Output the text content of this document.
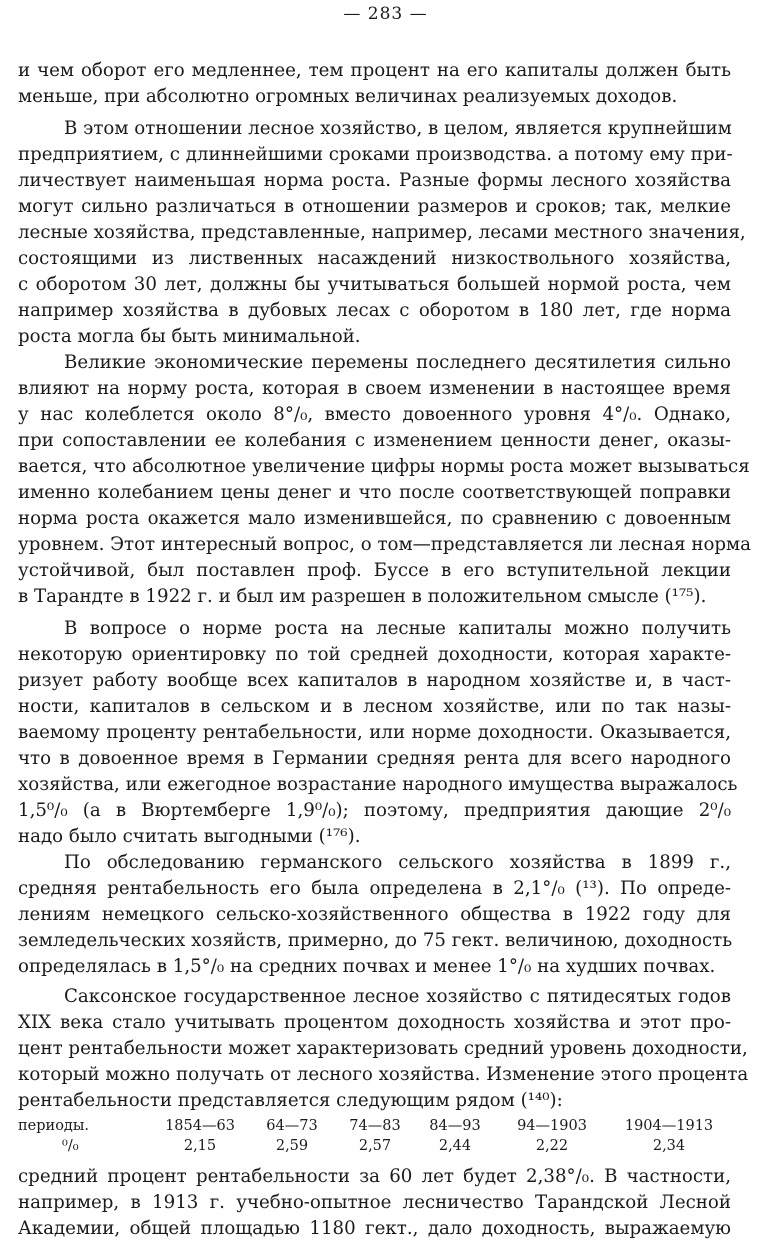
— 283 —
и чем оборот его медленнее, тем процент на его капиталы должен быть
меньше, при абсолютно огромных величинах реализуемых доходов.
В этом отношении лесное хозяйство, в целом, является крупнейшим
предприятием, с длиннейшими сроками производства. а потому ему при-
личествует наименьшая норма роста. Разные формы лесного хозяйства
могут сильно различаться в отношении размеров и сроков; так, мелкие
лесные хозяйства, представленные, например, лесами местного значения,
состоящими из лиственных насаждений низкоствольного хозяйства,
с оборотом 30 лет, должны бы учитываться большей нормой роста, чем
например хозяйства в дубовых лесах с оборотом в 180 лет, где норма
роста могла бы быть минимальной.
Великие экономические перемены последнего десятилетия сильно
влияют на норму роста, которая в своем изменении в настоящее время
у нас колеблется около 8°/₀, вместо довоенного уровня 4°/₀. Однако,
при сопоставлении ее колебания с изменением ценности денег, оказы-
вается, что абсолютное увеличение цифры нормы роста может вызываться
именно колебанием цены денег и что после соответствующей поправки
норма роста окажется мало изменившейся, по сравнению с довоенным
уровнем. Этот интересный вопрос, о том—представляется ли лесная норма
устойчивой, был поставлен проф. Буссе в его вступительной лекции
в Тарандте в 1922 г. и был им разрешен в положительном смысле (¹⁷⁵).
В вопросе о норме роста на лесные капиталы можно получить
некоторую ориентировку по той средней доходности, которая характе-
ризует работу вообще всех капиталов в народном хозяйстве и, в част-
ности, капиталов в сельском и в лесном хозяйстве, или по так назы-
ваемому проценту рентабельности, или норме доходности. Оказывается,
что в довоенное время в Германии средняя рента для всего народного
хозяйства, или ежегодное возрастание народного имущества выражалось
1,5⁰/₀ (а в Вюртемберге 1,9⁰/₀); поэтому, предприятия дающие 2⁰/₀
надо было считать выгодными (¹⁷⁶).
По обследованию германского сельского хозяйства в 1899 г.,
средняя рентабельность его была определена в 2,1°/₀ (¹³). По опреде-
лениям немецкого сельско-хозяйственного общества в 1922 году для
земледельческих хозяйств, примерно, до 75 гект. величиною, доходность
определялась в 1,5°/₀ на средних почвах и менее 1°/₀ на худших почвах.
Саксонское государственное лесное хозяйство с пятидесятых годов
XIX века стало учитывать процентом доходность хозяйства и этот про-
цент рентабельности может характеризовать средний уровень доходности,
который можно получать от лесного хозяйства. Изменение этого процента
рентабельности представляется следующим рядом (¹⁴⁰):
периоды.	1854—63	64—73	74—83	84—93	94—1903	1904—1913
⁰/₀	2,15	2,59	2,57	2,44	2,22	2,34
средний процент рентабельности за 60 лет будет 2,38°/₀. В частности,
например, в 1913 г. учебно-опытное лесничество Тарандской Лесной
Академии, общей площадью 1180 гект., дало доходность, выражаемую
